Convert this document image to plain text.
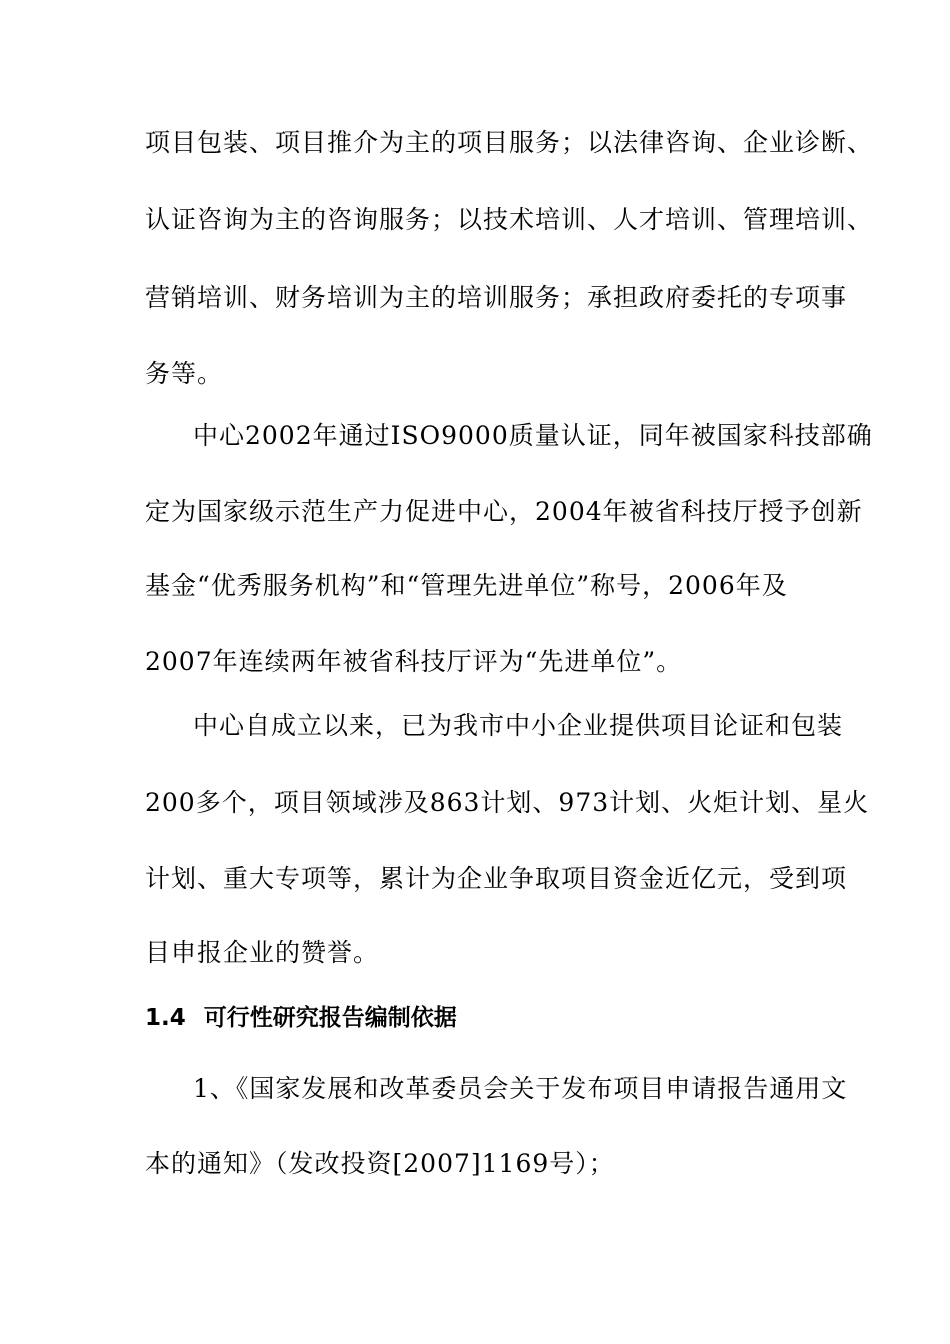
项目包装、项目推介为主的项目服务；以法律咨询、企业诊断、
认证咨询为主的咨询服务；以技术培训、人才培训、管理培训、
营销培训、财务培训为主的培训服务；承担政府委托的专项事
务等。
中心2002年通过ISO9000质量认证，同年被国家科技部确
定为国家级示范生产力促进中心，2004年被省科技厅授予创新
基金“优秀服务机构”和“管理先进单位”称号，2006年及
2007年连续两年被省科技厅评为“先进单位”。
中心自成立以来，已为我市中小企业提供项目论证和包装
200多个，项目领域涉及863计划、973计划、火炬计划、星火
计划、重大专项等，累计为企业争取项目资金近亿元，受到项
目申报企业的赞誉。
1.4 可行性研究报告编制依据
1、《国家发展和改革委员会关于发布项目申请报告通用文
本的通知》（发改投资[2007]1169号）；
